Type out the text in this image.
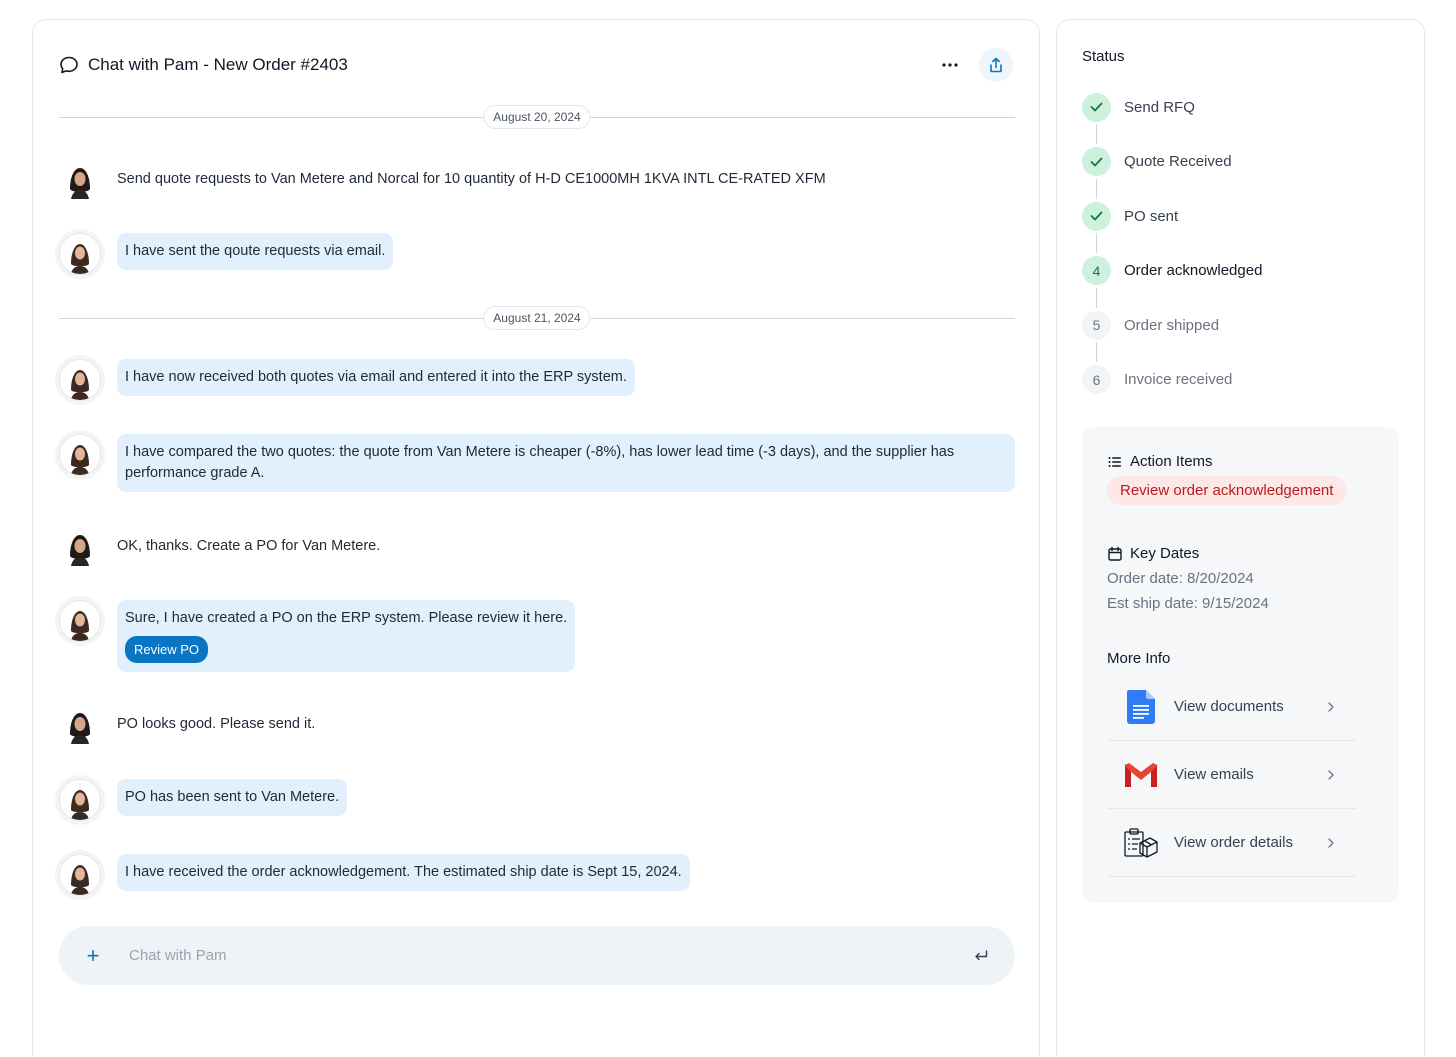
Chat with Pam - New Order #2403
August 20, 2024
Send quote requests to Van Metere and Norcal for 10 quantity of H-D CE1000MH 1KVA INTL CE-RATED XFM
I have sent the qoute requests via email.
August 21, 2024
I have now received both quotes via email and entered it into the ERP system.
I have compared the two quotes: the quote from Van Metere is cheaper (-8%), has lower lead time (-3 days), and the supplier has performance grade A.
OK, thanks. Create a PO for Van Metere.
Sure, I have created a PO on the ERP system. Please review it here.
Review PO
PO looks good. Please send it.
PO has been sent to Van Metere.
I have received the order acknowledgement. The estimated ship date is Sept 15, 2024.
+
Chat with Pam
Status
Send RFQ
Quote Received
PO sent
4	Order acknowledged
5	Order shipped
6	Invoice received
Action Items
Review order acknowledgement
Key Dates
Order date: 8/20/2024
Est ship date: 9/15/2024
More Info
View documents
View emails
View order details
